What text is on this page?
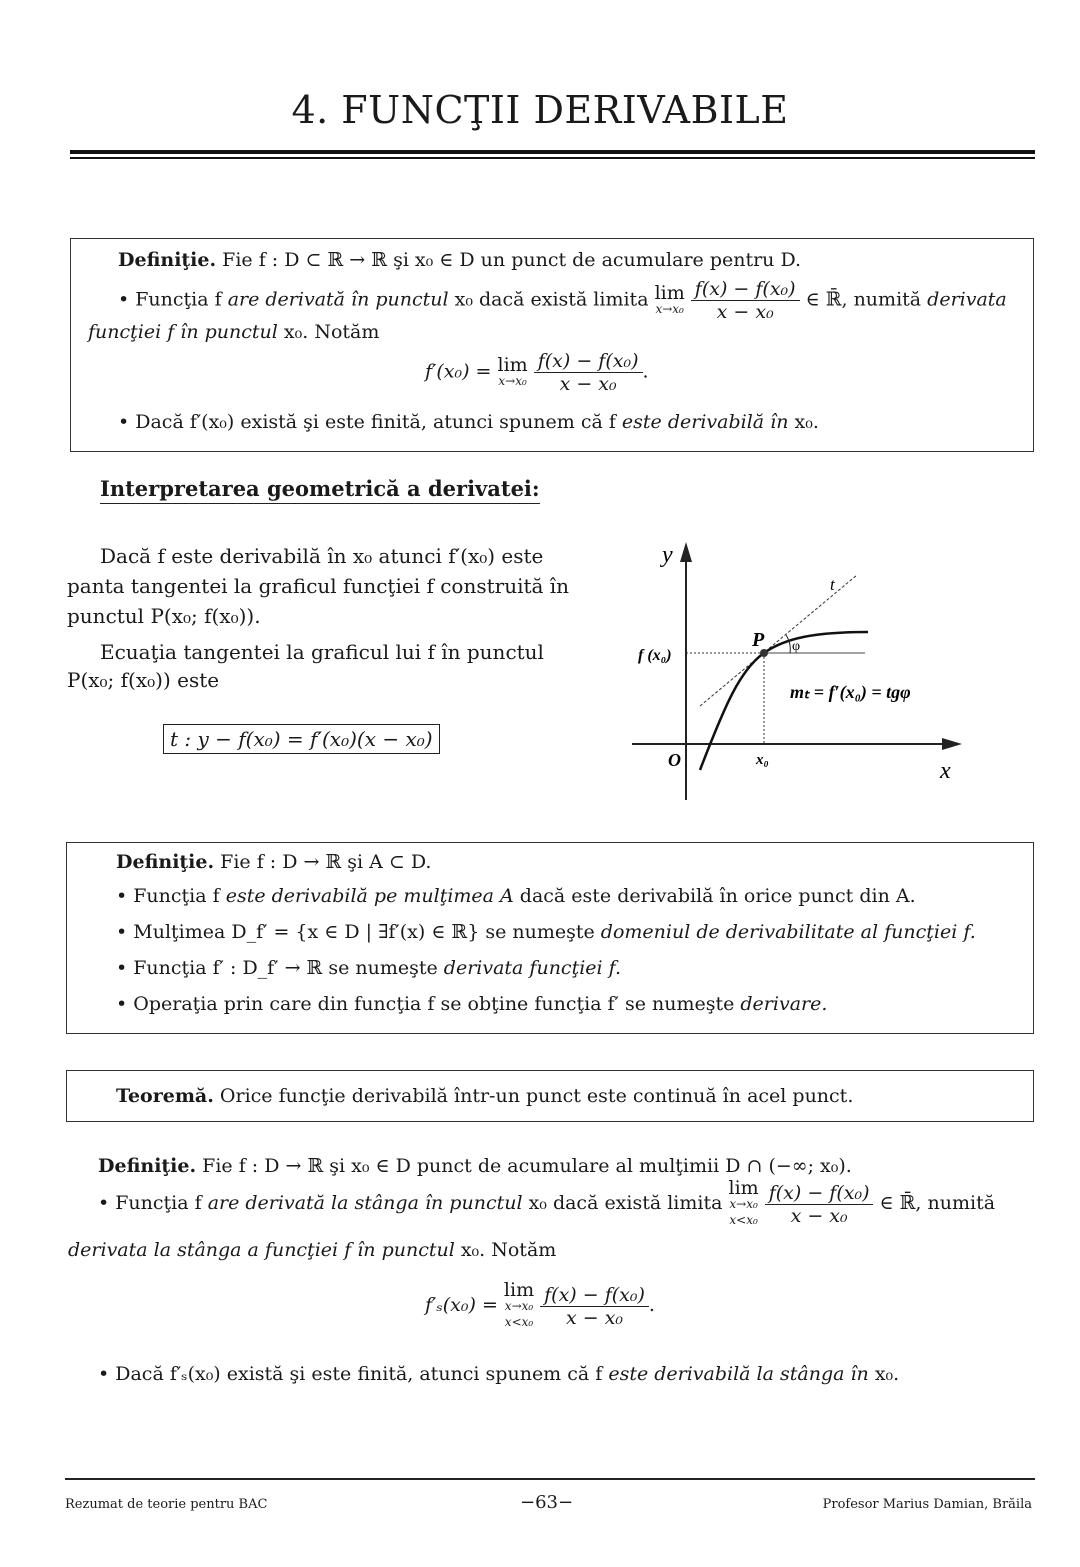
4. FUNCŢII DERIVABILE
Definiţie. Fie f : D ⊂ ℝ → ℝ şi x₀ ∈ D un punct de acumulare pentru D.
• Funcţia f are derivată în punctul x₀ dacă există limita lim
x→x₀
$\frac{\text{f(x) − f(x₀)}}{\text{x − x₀}}$ ∈ ℝ̄, numită derivata
funcţiei f în punctul x₀. Notăm
f′(x₀) = lim
x→x₀
$\frac{\text{f(x) − f(x₀)}}{\text{x − x₀}}$ .
• Dacă f′(x₀) există şi este finită, atunci spunem că f este derivabilă în x₀.
Interpretarea geometrică a derivatei:
Dacă f este derivabilă în x₀ atunci f′(x₀) este
panta tangentei la graficul funcţiei f construită în
punctul P(x₀; f(x₀)).
Ecuaţia tangentei la graficul lui f în punctul
P(x₀; f(x₀)) este
t : y − f(x₀) = f′(x₀)(x − x₀)
y
x
O	x₀
f (x₀)
P
t
φ
mₜ = f′(x₀) = tgφ
Definiţie. Fie f : D → ℝ şi A ⊂ D.
• Funcţia f este derivabilă pe mulţimea A dacă este derivabilă în orice punct din A.
• Mulţimea D_f′ = {x ∈ D | ∃f′(x) ∈ ℝ} se numeşte domeniul de derivabilitate al funcţiei f.
• Funcţia f′ : D_f′ → ℝ se numeşte derivata funcţiei f.
• Operaţia prin care din funcţia f se obţine funcţia f′ se numeşte derivare.
Teoremă. Orice funcţie derivabilă într-un punct este continuă în acel punct.
Definiţie. Fie f : D → ℝ şi x₀ ∈ D punct de acumulare al mulţimii D ∩ (−∞; x₀).
• Funcţia f are derivată la stânga în punctul x₀ dacă există limita
lim
x→x₀
x<x₀
$\frac{\text{f(x) − f(x₀)}}{\text{x − x₀}}$ ∈ ℝ̄, numită
derivata la stânga a funcţiei f în punctul x₀. Notăm
f′ₛ(x₀) =
lim
x→x₀
x<x₀
$\frac{\text{f(x) − f(x₀)}}{\text{x − x₀}}$ .
• Dacă f′ₛ(x₀) există şi este finită, atunci spunem că f este derivabilă la stânga în x₀.
Rezumat de teorie pentru BAC	−63−	Profesor Marius Damian, Brăila
